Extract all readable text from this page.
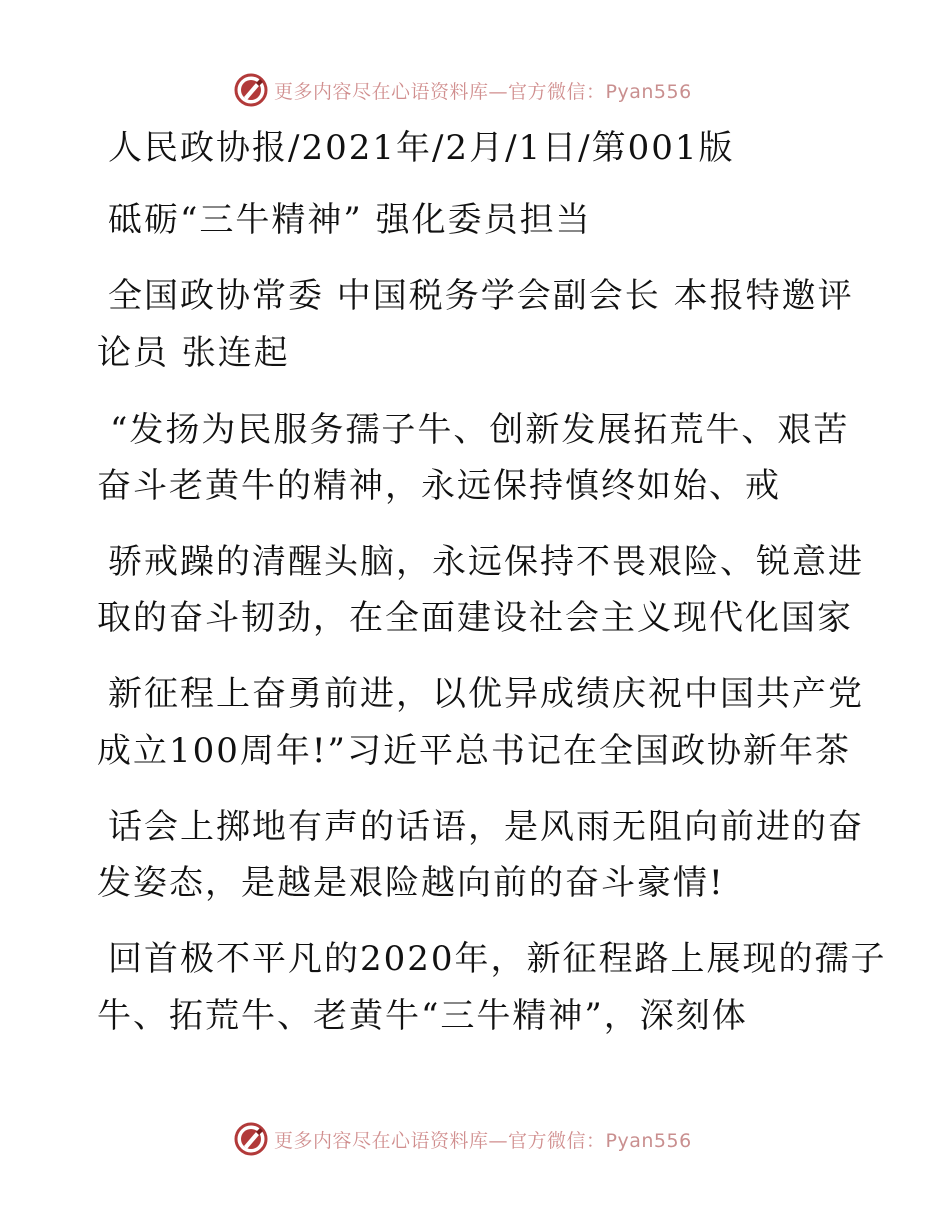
更多内容尽在心语资料库—官方微信：Pyan556
人民政协报/2021年/2月/1日/第001版
砥砺“三牛精神” 强化委员担当
全国政协常委 中国税务学会副会长 本报特邀评
论员 张连起
“发扬为民服务孺子牛、创新发展拓荒牛、艰苦
奋斗老黄牛的精神，永远保持慎终如始、戒
骄戒躁的清醒头脑，永远保持不畏艰险、锐意进
取的奋斗韧劲，在全面建设社会主义现代化国家
新征程上奋勇前进，以优异成绩庆祝中国共产党
成立100周年!”习近平总书记在全国政协新年茶
话会上掷地有声的话语，是风雨无阻向前进的奋
发姿态，是越是艰险越向前的奋斗豪情!
回首极不平凡的2020年，新征程路上展现的孺子
牛、拓荒牛、老黄牛“三牛精神”，深刻体
更多内容尽在心语资料库—官方微信：Pyan556
